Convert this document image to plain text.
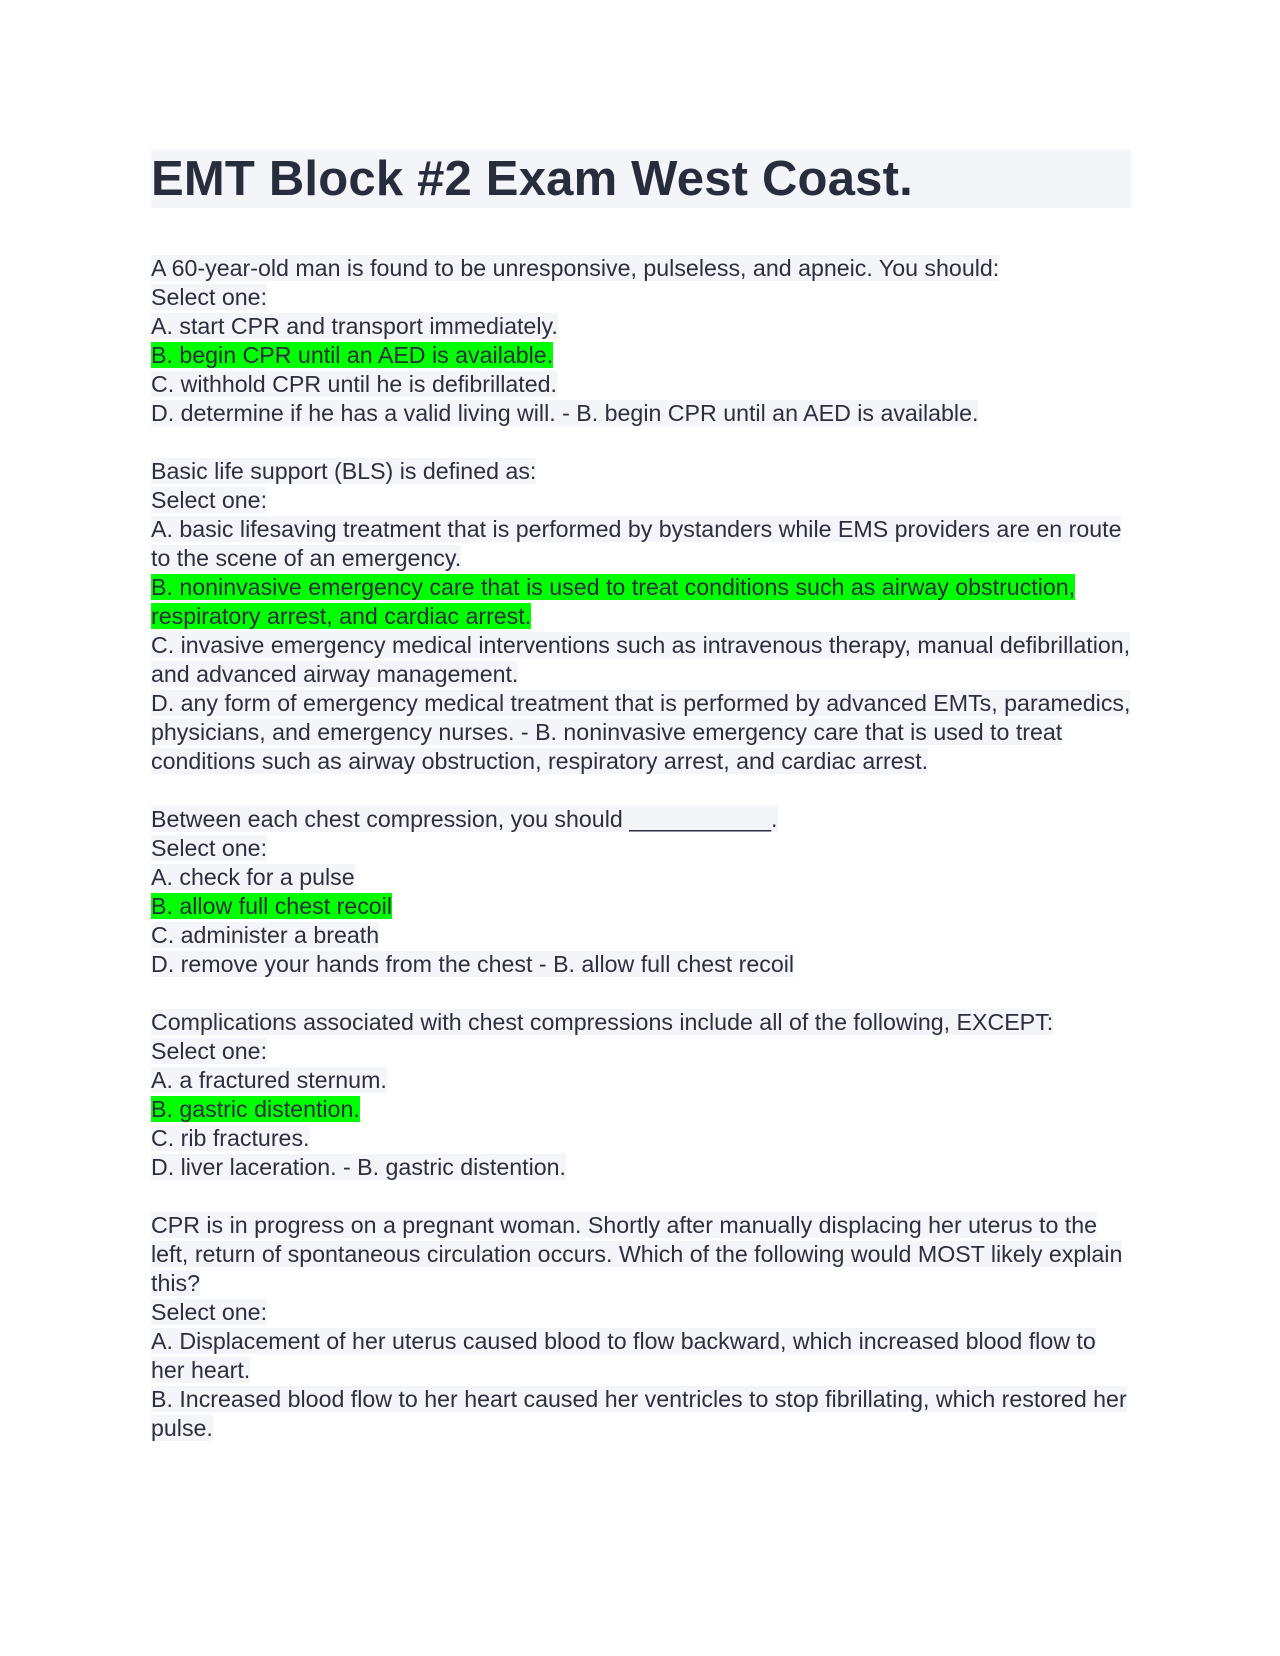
EMT Block #2 Exam West Coast.
A 60-year-old man is found to be unresponsive, pulseless, and apneic. You should:
Select one:
A. start CPR and transport immediately.
B. begin CPR until an AED is available.
C. withhold CPR until he is defibrillated.
D. determine if he has a valid living will. - B. begin CPR until an AED is available.
Basic life support (BLS) is defined as:
Select one:
A. basic lifesaving treatment that is performed by bystanders while EMS providers are en route to the scene of an emergency.
B. noninvasive emergency care that is used to treat conditions such as airway obstruction, respiratory arrest, and cardiac arrest.
C. invasive emergency medical interventions such as intravenous therapy, manual defibrillation, and advanced airway management.
D. any form of emergency medical treatment that is performed by advanced EMTs, paramedics, physicians, and emergency nurses. - B. noninvasive emergency care that is used to treat conditions such as airway obstruction, respiratory arrest, and cardiac arrest.
Between each chest compression, you should ___________.
Select one:
A. check for a pulse
B. allow full chest recoil
C. administer a breath
D. remove your hands from the chest - B. allow full chest recoil
Complications associated with chest compressions include all of the following, EXCEPT:
Select one:
A. a fractured sternum.
B. gastric distention.
C. rib fractures.
D. liver laceration. - B. gastric distention.
CPR is in progress on a pregnant woman. Shortly after manually displacing her uterus to the left, return of spontaneous circulation occurs. Which of the following would MOST likely explain this?
Select one:
A. Displacement of her uterus caused blood to flow backward, which increased blood flow to her heart.
B. Increased blood flow to her heart caused her ventricles to stop fibrillating, which restored her pulse.
